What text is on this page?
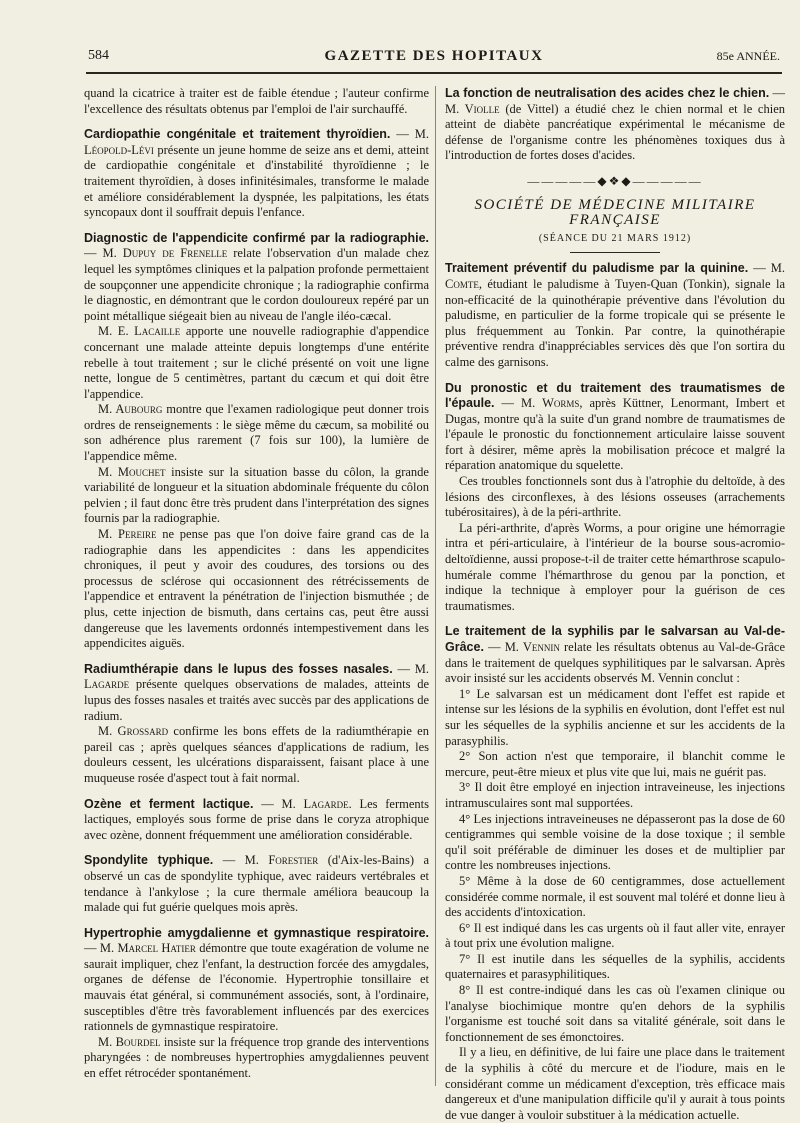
584	GAZETTE DES HOPITAUX	85e ANNÉE.

quand la cicatrice à traiter est de faible étendue ; l'auteur confirme l'excellence des résultats obtenus par l'emploi de l'air surchauffé.

Cardiopathie congénitale et traitement thyroïdien. — M. Léopold-Lévi présente un jeune homme de seize ans et demi, atteint de cardiopathie congénitale et d'instabilité thyroïdienne ; le traitement thyroïdien, à doses infinitésimales, transforme le malade et améliore considérablement la dyspnée, les palpitations, les états syncopaux dont il souffrait depuis l'enfance.

Diagnostic de l'appendicite confirmé par la radiographie. — M. Dupuy de Frenelle relate l'observation d'un malade chez lequel les symptômes cliniques et la palpation profonde permettaient de soupçonner une appendicite chronique ; la radiographie confirma le diagnostic, en démontrant que le cordon douloureux repéré par un point métallique siégeait bien au niveau de l'angle iléo-cæcal.

M. E. Lacaille apporte une nouvelle radiographie d'appendice concernant une malade atteinte depuis longtemps d'une entérite rebelle à tout traitement ; sur le cliché présenté on voit une ligne nette, longue de 5 centimètres, partant du cæcum et qui doit être l'appendice.

M. Aubourg montre que l'examen radiologique peut donner trois ordres de renseignements : le siège même du cæcum, sa mobilité ou son adhérence plus rarement (7 fois sur 100), la lumière de l'appendice même.

M. Mouchet insiste sur la situation basse du côlon, la grande variabilité de longueur et la situation abdominale fréquente du côlon pelvien ; il faut donc être très prudent dans l'interprétation des signes fournis par la radiographie.

M. Pereire ne pense pas que l'on doive faire grand cas de la radiographie dans les appendicites : dans les appendicites chroniques, il peut y avoir des coudures, des torsions ou des processus de sclérose qui occasionnent des rétrécissements de l'appendice et entravent la pénétration de l'injection bismuthée ; de plus, cette injection de bismuth, dans certains cas, peut être aussi dangereuse que les lavements ordonnés intempestivement dans les appendicites aiguës.

Radiumthérapie dans le lupus des fosses nasales. — M. Lagarde présente quelques observations de malades, atteints de lupus des fosses nasales et traités avec succès par des applications de radium.

M. Grossard confirme les bons effets de la radiumthérapie en pareil cas ; après quelques séances d'applications de radium, les douleurs cessent, les ulcérations disparaissent, faisant place à une muqueuse rosée d'aspect tout à fait normal.

Ozène et ferment lactique. — M. Lagarde. Les ferments lactiques, employés sous forme de prise dans le coryza atrophique avec ozène, donnent fréquemment une amélioration considérable.

Spondylite typhique. — M. Forestier (d'Aix-les-Bains) a observé un cas de spondylite typhique, avec raideurs vertébrales et tendance à l'ankylose ; la cure thermale améliora beaucoup la malade qui fut guérie quelques mois après.

Hypertrophie amygdalienne et gymnastique respiratoire. — M. Marcel Hatier démontre que toute exagération de volume ne saurait impliquer, chez l'enfant, la destruction forcée des amygdales, organes de défense de l'économie. Hypertrophie tonsillaire et mauvais état général, si communément associés, sont, à l'ordinaire, susceptibles d'être très favorablement influencés par des exercices rationnels de gymnastique respiratoire.

M. Bourdel insiste sur la fréquence trop grande des interventions pharyngées : de nombreuses hypertrophies amygdaliennes peuvent en effet rétrocéder spontanément.

La fonction de neutralisation des acides chez le chien. — M. Violle (de Vittel) a étudié chez le chien normal et le chien atteint de diabète pancréatique expérimental le mécanisme de défense de l'organisme contre les phénomènes toxiques dus à l'introduction de fortes doses d'acides.

—————◆❖◆—————
SOCIÉTÉ DE MÉDECINE MILITAIRE FRANÇAISE
(SÉANCE DU 21 MARS 1912)

Traitement préventif du paludisme par la quinine. — M. Comte, étudiant le paludisme à Tuyen-Quan (Tonkin), signale la non-efficacité de la quinothérapie préventive dans l'évolution du paludisme, en particulier de la forme tropicale qui se présente le plus fréquemment au Tonkin. Par contre, la quinothérapie préventive rendra d'inappréciables services dès que l'on sortira du calme des garnisons.

Du pronostic et du traitement des traumatismes de l'épaule. — M. Worms, après Küttner, Lenormant, Imbert et Dugas, montre qu'à la suite d'un grand nombre de traumatismes de l'épaule le pronostic du fonctionnement articulaire laisse souvent fort à désirer, même après la mobilisation précoce et malgré la réparation anatomique du squelette.

Ces troubles fonctionnels sont dus à l'atrophie du deltoïde, à des lésions des circonflexes, à des lésions osseuses (arrachements tubérositaires), à de la péri-arthrite.

La péri-arthrite, d'après Worms, a pour origine une hémorragie intra et péri-articulaire, à l'intérieur de la bourse sous-acromio-deltoïdienne, aussi propose-t-il de traiter cette hémarthrose scapulo-humérale comme l'hémarthrose du genou par la ponction, et indique la technique à employer pour la guérison de ces traumatismes.

Le traitement de la syphilis par le salvarsan au Val-de-Grâce. — M. Vennin relate les résultats obtenus au Val-de-Grâce dans le traitement de quelques syphilitiques par le salvarsan. Après avoir insisté sur les accidents observés M. Vennin conclut :

1° Le salvarsan est un médicament dont l'effet est rapide et intense sur les lésions de la syphilis en évolution, dont l'effet est nul sur les séquelles de la syphilis ancienne et sur les accidents de la parasyphilis.

2° Son action n'est que temporaire, il blanchit comme le mercure, peut-être mieux et plus vite que lui, mais ne guérit pas.

3° Il doit être employé en injection intraveineuse, les injections intramusculaires sont mal supportées.

4° Les injections intraveineuses ne dépasseront pas la dose de 60 centigrammes qui semble voisine de la dose toxique ; il semble qu'il soit préférable de diminuer les doses et de multiplier par contre les nombreuses injections.

5° Même à la dose de 60 centigrammes, dose actuellement considérée comme normale, il est souvent mal toléré et donne lieu à des accidents d'intoxication.

6° Il est indiqué dans les cas urgents où il faut aller vite, enrayer à tout prix une évolution maligne.

7° Il est inutile dans les séquelles de la syphilis, accidents quaternaires et parasyphilitiques.

8° Il est contre-indiqué dans les cas où l'examen clinique ou l'analyse biochimique montre qu'en dehors de la syphilis l'organisme est touché soit dans sa vitalité générale, soit dans le fonctionnement de ses émonctoires.

Il y a lieu, en définitive, de lui faire une place dans le traitement de la syphilis à côté du mercure et de l'iodure, mais en le considérant comme un médicament d'exception, très efficace mais dangereux et d'une manipulation difficile qu'il y aurait à tous points de vue danger à vouloir substituer à la médication actuelle.
